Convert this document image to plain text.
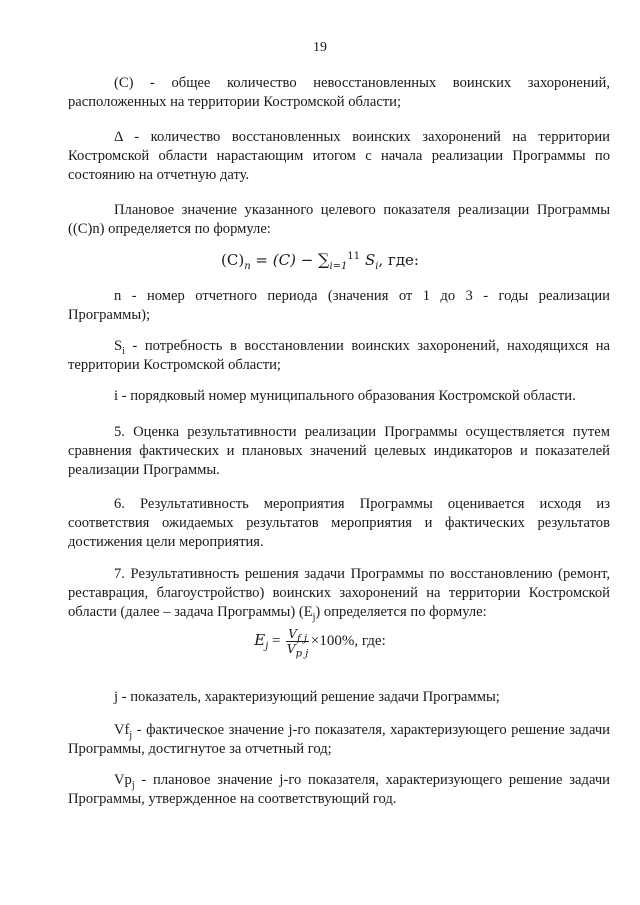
19
(C) - общее количество невосстановленных воинских захоронений, расположенных на территории Костромской области;
Δ - количество восстановленных воинских захоронений на территории Костромской области нарастающим итогом с начала реализации Программы по состоянию на отчетную дату.
Плановое значение указанного целевого показателя реализации Программы ((C)n) определяется по формуле:
$(C)_n = (C) - \sum_{i=1}^{11}$ $S_i$, где:
n - номер отчетного периода (значения от 1 до 3 - годы реализации Программы);
$S_i$ - потребность в восстановлении воинских захоронений, находящихся на территории Костромской области;
i - порядковый номер муниципального образования Костромской области.
5. Оценка результативности реализации Программы осуществляется путем сравнения фактических и плановых значений целевых индикаторов и показателей реализации Программы.
6. Результативность мероприятия Программы оценивается исходя из соответствия ожидаемых результатов мероприятия и фактических результатов достижения цели мероприятия.
7. Результативность решения задачи Программы по восстановлению (ремонт, реставрация, благоустройство) воинских захоронений на территории Костромской области (далее – задача Программы) $(E_j)$ определяется по формуле:
$E_j = \frac{V_{f j}}{V_{p j}} \times 100\%$, где:
j - показатель, характеризующий решение задачи Программы;
$Vf_j$ - фактическое значение j-го показателя, характеризующего решение задачи Программы, достигнутое за отчетный год;
$Vp_j$ - плановое значение j-го показателя, характеризующего решение задачи Программы, утвержденное на соответствующий год.
